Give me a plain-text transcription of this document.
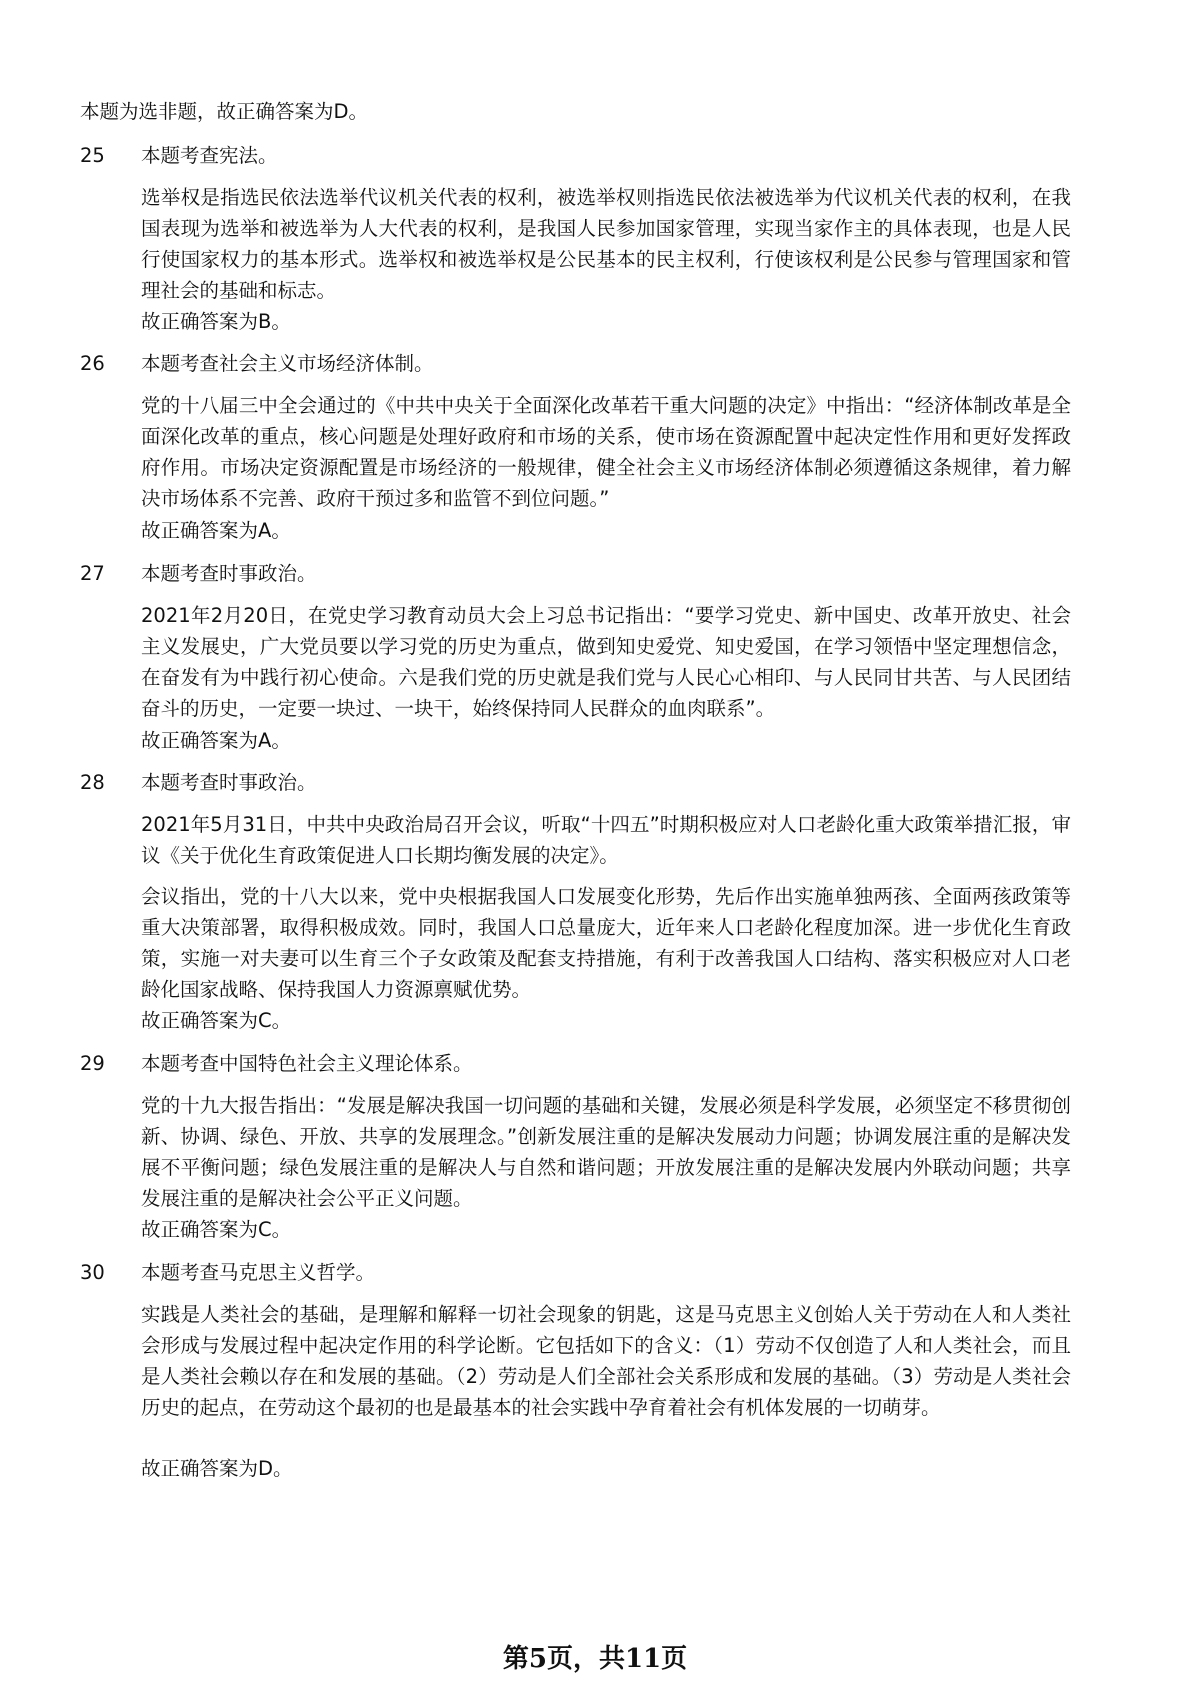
本题为选非题，故正确答案为D。
25 本题考查宪法。
选举权是指选民依法选举代议机关代表的权利，被选举权则指选民依法被选举为代议机关代表的权利，在我国表现为选举和被选举为人大代表的权利，是我国人民参加国家管理，实现当家作主的具体表现，也是人民行使国家权力的基本形式。选举权和被选举权是公民基本的民主权利，行使该权利是公民参与管理国家和管理社会的基础和标志。
故正确答案为B。
26 本题考查社会主义市场经济体制。
党的十八届三中全会通过的《中共中央关于全面深化改革若干重大问题的决定》中指出：“经济体制改革是全面深化改革的重点，核心问题是处理好政府和市场的关系，使市场在资源配置中起决定性作用和更好发挥政府作用。市场决定资源配置是市场经济的一般规律，健全社会主义市场经济体制必须遵循这条规律，着力解决市场体系不完善、政府干预过多和监管不到位问题。”
故正确答案为A。
27 本题考查时事政治。
2021年2月20日，在党史学习教育动员大会上习总书记指出：“要学习党史、新中国史、改革开放史、社会主义发展史，广大党员要以学习党的历史为重点，做到知史爱党、知史爱国，在学习领悟中坚定理想信念，在奋发有为中践行初心使命。六是我们党的历史就是我们党与人民心心相印、与人民同甘共苦、与人民团结奋斗的历史，一定要一块过、一块干，始终保持同人民群众的血肉联系”。
故正确答案为A。
28 本题考查时事政治。
2021年5月31日，中共中央政治局召开会议，听取“十四五”时期积极应对人口老龄化重大政策举措汇报，审议《关于优化生育政策促进人口长期均衡发展的决定》。
会议指出，党的十八大以来，党中央根据我国人口发展变化形势，先后作出实施单独两孩、全面两孩政策等重大决策部署，取得积极成效。同时，我国人口总量庞大，近年来人口老龄化程度加深。进一步优化生育政策，实施一对夫妻可以生育三个子女政策及配套支持措施，有利于改善我国人口结构、落实积极应对人口老龄化国家战略、保持我国人力资源禀赋优势。
故正确答案为C。
29 本题考查中国特色社会主义理论体系。
党的十九大报告指出：“发展是解决我国一切问题的基础和关键，发展必须是科学发展，必须坚定不移贯彻创新、协调、绿色、开放、共享的发展理念。”创新发展注重的是解决发展动力问题；协调发展注重的是解决发展不平衡问题；绿色发展注重的是解决人与自然和谐问题；开放发展注重的是解决发展内外联动问题；共享发展注重的是解决社会公平正义问题。
故正确答案为C。
30 本题考查马克思主义哲学。
实践是人类社会的基础，是理解和解释一切社会现象的钥匙，这是马克思主义创始人关于劳动在人和人类社会形成与发展过程中起决定作用的科学论断。它包括如下的含义：（1）劳动不仅创造了人和人类社会，而且是人类社会赖以存在和发展的基础。（2）劳动是人们全部社会关系形成和发展的基础。（3）劳动是人类社会历史的起点，在劳动这个最初的也是最基本的社会实践中孕育着社会有机体发展的一切萌芽。
故正确答案为D。
第5页，共11页
